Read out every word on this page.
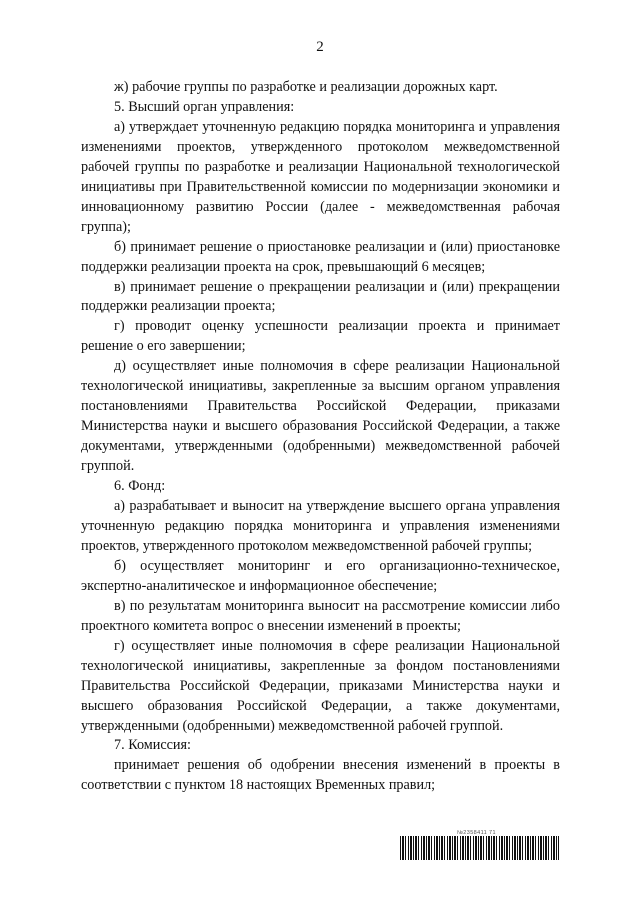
2

ж) рабочие группы по разработке и реализации дорожных карт.

5. Высший орган управления:

а) утверждает уточненную редакцию порядка мониторинга и управления изменениями проектов, утвержденного протоколом межведомственной рабочей группы по разработке и реализации Национальной технологической инициативы при Правительственной комиссии по модернизации экономики и инновационному развитию России (далее - межведомственная рабочая группа);

б) принимает решение о приостановке реализации и (или) приостановке поддержки реализации проекта на срок, превышающий 6 месяцев;

в) принимает решение о прекращении реализации и (или) прекращении поддержки реализации проекта;

г) проводит оценку успешности реализации проекта и принимает решение о его завершении;

д) осуществляет иные полномочия в сфере реализации Национальной технологической инициативы, закрепленные за высшим органом управления постановлениями Правительства Российской Федерации, приказами Министерства науки и высшего образования Российской Федерации, а также документами, утвержденными (одобренными) межведомственной рабочей группой.

6. Фонд:

а) разрабатывает и выносит на утверждение высшего органа управления уточненную редакцию порядка мониторинга и управления изменениями проектов, утвержденного протоколом межведомственной рабочей группы;

б) осуществляет мониторинг и его организационно-техническое, экспертно-аналитическое и информационное обеспечение;

в) по результатам мониторинга выносит на рассмотрение комиссии либо проектного комитета вопрос о внесении изменений в проекты;

г) осуществляет иные полномочия в сфере реализации Национальной технологической инициативы, закрепленные за фондом постановлениями Правительства Российской Федерации, приказами Министерства науки и высшего образования Российской Федерации, а также документами, утвержденными (одобренными) межведомственной рабочей группой.

7. Комиссия:

принимает решения об одобрении внесения изменений в проекты в соответствии с пунктом 18 настоящих Временных правил;

№2358411 71
